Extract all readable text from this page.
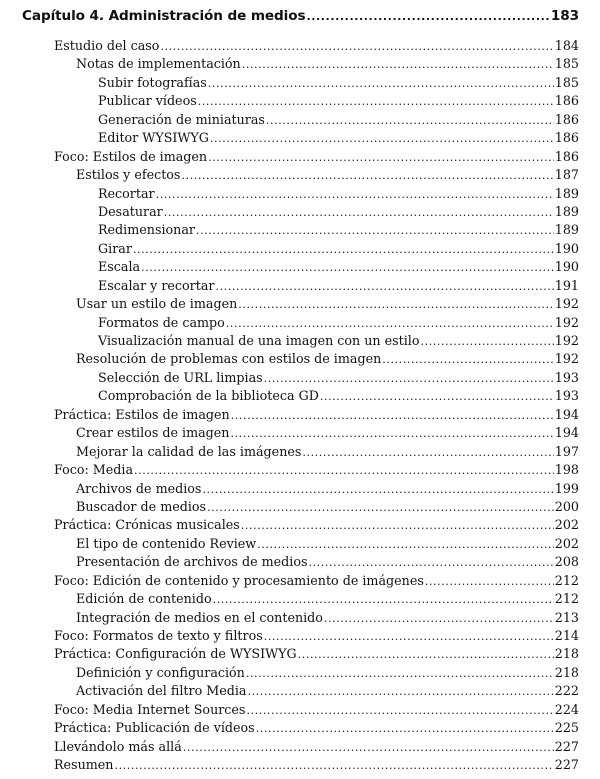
Capítulo 4. Administración de medios .....	183
Estudio del caso .....	184
Notas de implementación .....	185
Subir fotografías .....	185
Publicar vídeos .....	186
Generación de miniaturas .....	186
Editor WYSIWYG .....	186
Foco: Estilos de imagen .....	186
Estilos y efectos .....	187
Recortar .....	189
Desaturar .....	189
Redimensionar .....	189
Girar .....	190
Escala .....	190
Escalar y recortar .....	191
Usar un estilo de imagen .....	192
Formatos de campo .....	192
Visualización manual de una imagen con un estilo .....	192
Resolución de problemas con estilos de imagen .....	192
Selección de URL limpias .....	193
Comprobación de la biblioteca GD .....	193
Práctica: Estilos de imagen .....	194
Crear estilos de imagen .....	194
Mejorar la calidad de las imágenes .....	197
Foco: Media .....	198
Archivos de medios .....	199
Buscador de medios .....	200
Práctica: Crónicas musicales .....	202
El tipo de contenido Review .....	202
Presentación de archivos de medios .....	208
Foco: Edición de contenido y procesamiento de imágenes .....	212
Edición de contenido .....	212
Integración de medios en el contenido .....	213
Foco: Formatos de texto y filtros .....	214
Práctica: Configuración de WYSIWYG .....	218
Definición y configuración .....	218
Activación del filtro Media .....	222
Foco: Media Internet Sources .....	224
Práctica: Publicación de vídeos .....	225
Llevándolo más allá .....	227
Resumen .....	227
